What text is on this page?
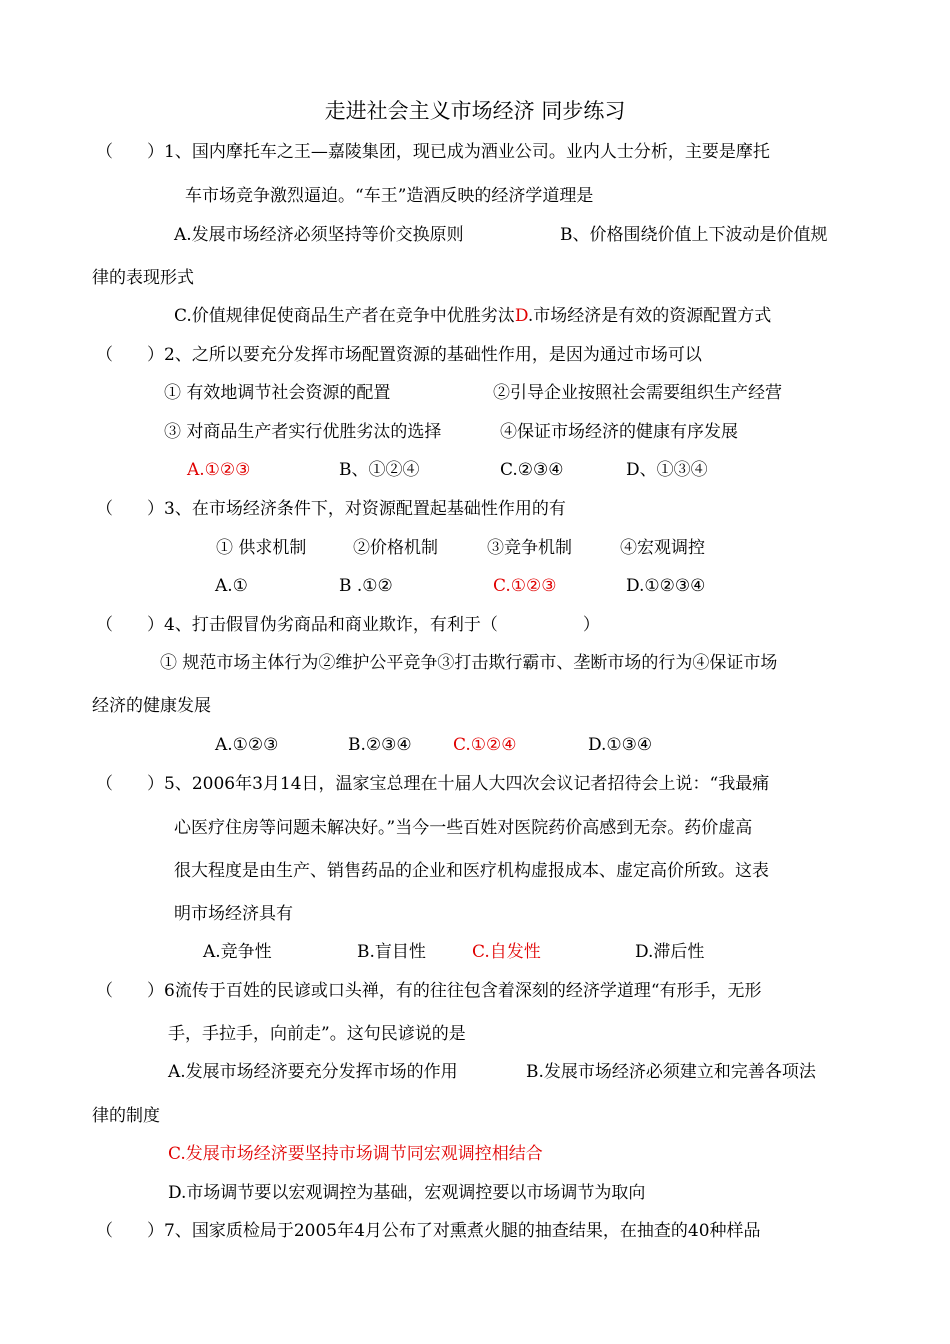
走进社会主义市场经济 同步练习
（　　）1、国内摩托车之王—嘉陵集团，现已成为酒业公司。业内人士分析，主要是摩托
车市场竞争激烈逼迫。“车王”造酒反映的经济学道理是
A.发展市场经济必须坚持等价交换原则	B、价格围绕价值上下波动是价值规
律的表现形式
C.价值规律促使商品生产者在竞争中优胜劣汰D.市场经济是有效的资源配置方式
（　　）2、之所以要充分发挥市场配置资源的基础性作用，是因为通过市场可以
① 有效地调节社会资源的配置	②引导企业按照社会需要组织生产经营
③ 对商品生产者实行优胜劣汰的选择	④保证市场经济的健康有序发展
A.①②③	B、①②④	C.②③④	D、①③④
（　　）3、在市场经济条件下，对资源配置起基础性作用的有
① 供求机制	②价格机制	③竞争机制	④宏观调控
A.①	B .①②	C.①②③	D.①②③④
（　　）4、打击假冒伪劣商品和商业欺诈，有利于（　　　　　）
① 规范市场主体行为②维护公平竞争③打击欺行霸市、垄断市场的行为④保证市场
经济的健康发展
A.①②③	B.②③④ C.①②④	D.①③④
（　　）5、2006年3月14日，温家宝总理在十届人大四次会议记者招待会上说：“我最痛
心医疗住房等问题未解决好。”当今一些百姓对医院药价高感到无奈。药价虚高
很大程度是由生产、销售药品的企业和医疗机构虚报成本、虚定高价所致。这表
明市场经济具有
A.竞争性	B.盲目性	C.自发性	D.滞后性
（　　）6流传于百姓的民谚或口头禅，有的往往包含着深刻的经济学道理“有形手，无形
手，手拉手，向前走”。这句民谚说的是
A.发展市场经济要充分发挥市场的作用	B.发展市场经济必须建立和完善各项法
律的制度
C.发展市场经济要坚持市场调节同宏观调控相结合
D.市场调节要以宏观调控为基础，宏观调控要以市场调节为取向
（　　）7、国家质检局于2005年4月公布了对熏煮火腿的抽查结果，在抽查的40种样品
